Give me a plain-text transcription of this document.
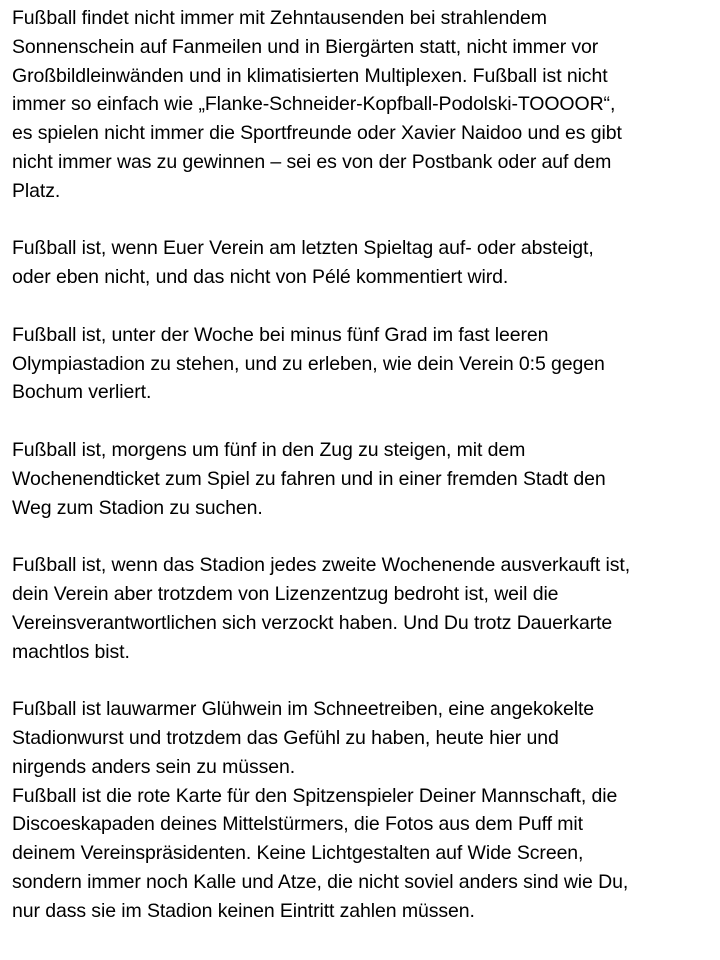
Fußball findet nicht immer mit Zehntausenden bei strahlendem
Sonnenschein auf Fanmeilen und in Biergärten statt, nicht immer vor
Großbildleinwänden und in klimatisierten Multiplexen. Fußball ist nicht
immer so einfach wie „Flanke-Schneider-Kopfball-Podolski-TOOOOR“,
es spielen nicht immer die Sportfreunde oder Xavier Naidoo und es gibt
nicht immer was zu gewinnen – sei es von der Postbank oder auf dem
Platz.
Fußball ist, wenn Euer Verein am letzten Spieltag auf- oder absteigt,
oder eben nicht, und das nicht von Pélé kommentiert wird.
Fußball ist, unter der Woche bei minus fünf Grad im fast leeren
Olympiastadion zu stehen, und zu erleben, wie dein Verein 0:5 gegen
Bochum verliert.
Fußball ist, morgens um fünf in den Zug zu steigen, mit dem
Wochenendticket zum Spiel zu fahren und in einer fremden Stadt den
Weg zum Stadion zu suchen.
Fußball ist, wenn das Stadion jedes zweite Wochenende ausverkauft ist,
dein Verein aber trotzdem von Lizenzentzug bedroht ist, weil die
Vereinsverantwortlichen sich verzockt haben. Und Du trotz Dauerkarte
machtlos bist.
Fußball ist lauwarmer Glühwein im Schneetreiben, eine angekokelte
Stadionwurst und trotzdem das Gefühl zu haben, heute hier und
nirgends anders sein zu müssen.
Fußball ist die rote Karte für den Spitzenspieler Deiner Mannschaft, die
Discoeskapaden deines Mittelstürmers, die Fotos aus dem Puff mit
deinem Vereinspräsidenten. Keine Lichtgestalten auf Wide Screen,
sondern immer noch Kalle und Atze, die nicht soviel anders sind wie Du,
nur dass sie im Stadion keinen Eintritt zahlen müssen.
